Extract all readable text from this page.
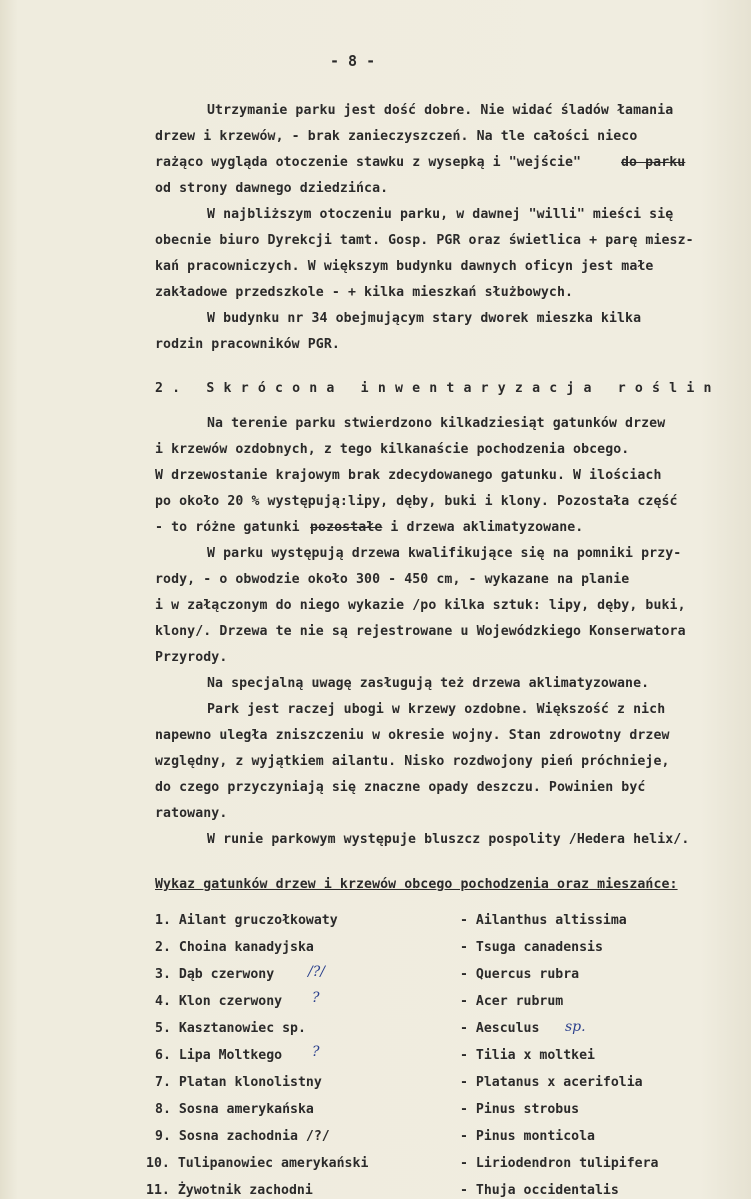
- 8 -
Utrzymanie parku jest dość dobre. Nie widać śladów łamania
drzew i krzewów, - brak zanieczyszczeń. Na tle całości nieco
rażąco wygląda otoczenie stawku z wysepką i "wejście"
od strony dawnego dziedzińca.
W najbliższym otoczeniu parku, w dawnej "willi" mieści się
obecnie biuro Dyrekcji tamt. Gosp. PGR oraz świetlica + parę miesz-
kań pracowniczych. W większym budynku dawnych oficyn jest małe
zakładowe przedszkole - + kilka mieszkań służbowych.
W budynku nr 34 obejmującym stary dworek mieszka kilka
rodzin pracowników PGR.
Na terenie parku stwierdzono kilkadziesiąt gatunków drzew
i krzewów ozdobnych, z tego kilkanaście pochodzenia obcego.
W drzewostanie krajowym brak zdecydowanego gatunku. W ilościach
po około 20 % występują:lipy, dęby, buki i klony. Pozostała część
- to różne gatunki
W parku występują drzewa kwalifikujące się na pomniki przy-
rody, - o obwodzie około 300 - 450 cm, - wykazane na planie
i w załączonym do niego wykazie /po kilka sztuk: lipy, dęby, buki,
klony/. Drzewa te nie są rejestrowane u Wojewódzkiego Konserwatora
Przyrody.
Na specjalną uwagę zasługują też drzewa aklimatyzowane.
Park jest raczej ubogi w krzewy ozdobne. Większość z nich
napewno uległa zniszczeniu w okresie wojny. Stan zdrowotny drzew
względny, z wyjątkiem ailantu. Nisko rozdwojony pień próchnieje,
do czego przyczyniają się znaczne opady deszczu. Powinien być
ratowany.
W runie parkowym występuje bluszcz pospolity /Hedera helix/.
do parku
pozostałe i drzewa aklimatyzowane.
2. Skrócona inwentaryzacja roślin
Wykaz gatunków drzew i krzewów obcego pochodzenia oraz mieszańce:
1. Ailant gruczołkowaty	- Ailanthus altissima
2. Choina kanadyjska	- Tsuga canadensis
3. Dąb czerwony	- Quercus rubra
/?/
4. Klon czerwony	- Acer rubrum
?
5. Kasztanowiec sp.	- Aesculus sp.
6. Lipa Moltkego	- Tilia x moltkei
?
7. Platan klonolistny	- Platanus x acerifolia
8. Sosna amerykańska	- Pinus strobus
9. Sosna zachodnia /?/	- Pinus monticola
10. Tulipanowiec amerykański	- Liriodendron tulipifera
11. Żywotnik zachodni	- Thuja occidentalis
